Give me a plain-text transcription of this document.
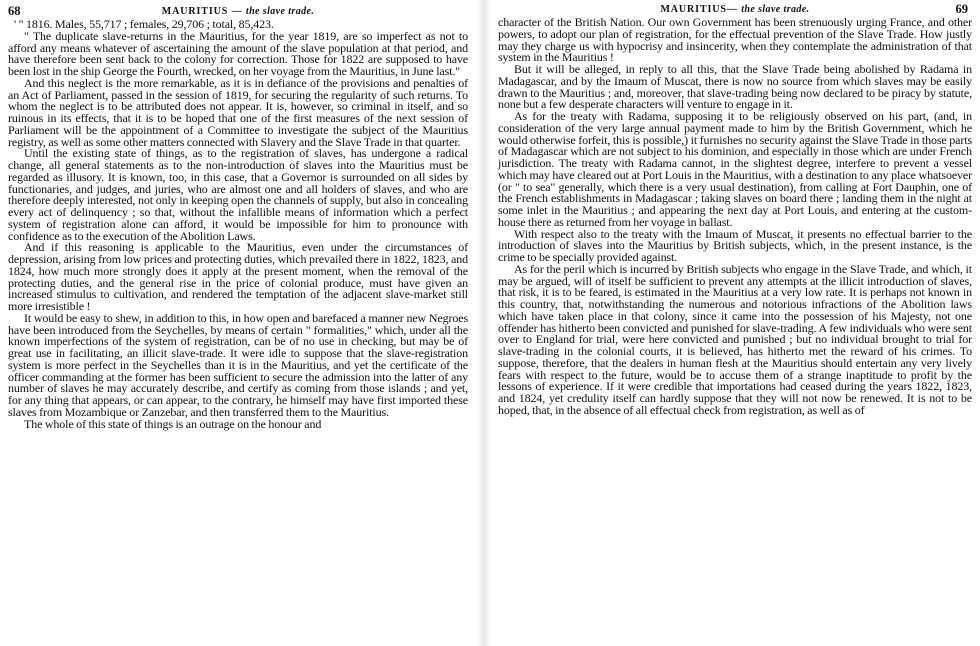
68	MAURITIUS — the slave trade.

' " 1816. Males, 55,717 ; females, 29,706 ; total, 85,423.

" The duplicate slave-returns in the Mauritius, for the year 1819, are so imperfect as not to afford any means whatever of ascertaining the amount of the slave population at that period, and have therefore been sent back to the colony for correction. Those for 1822 are supposed to have been lost in the ship George the Fourth, wrecked, on her voyage from the Mauritius, in June last."

And this neglect is the more remarkable, as it is in defiance of the provisions and penalties of an Act of Parliament, passed in the session of 1819, for securing the regularity of such returns. To whom the neglect is to be attributed does not appear. It is, however, so criminal in itself, and so ruinous in its effects, that it is to be hoped that one of the first measures of the next session of Parliament will be the appointment of a Committee to investigate the subject of the Mauritius registry, as well as some other matters connected with Slavery and the Slave Trade in that quarter.

Until the existing state of things, as to the registration of slaves, has undergone a radical change, all general statements as to the non-introduction of slaves into the Mauritius must be regarded as illusory. It is known, too, in this case, that a Governor is surrounded on all sides by functionaries, and judges, and juries, who are almost one and all holders of slaves, and who are therefore deeply interested, not only in keeping open the channels of supply, but also in concealing every act of delinquency ; so that, without the infallible means of information which a perfect system of registration alone can afford, it would be impossible for him to pronounce with confidence as to the execution of the Abolition Laws.

And if this reasoning is applicable to the Mauritius, even under the circumstances of depression, arising from low prices and protecting duties, which prevailed there in 1822, 1823, and 1824, how much more strongly does it apply at the present moment, when the removal of the protecting duties, and the general rise in the price of colonial produce, must have given an increased stimulus to cultivation, and rendered the temptation of the adjacent slave-market still more irresistible !

It would be easy to shew, in addition to this, in how open and barefaced a manner new Negroes have been introduced from the Seychelles, by means of certain " formalities," which, under all the known imperfections of the system of registration, can be of no use in checking, but may be of great use in facilitating, an illicit slave-trade. It were idle to suppose that the slave-registration system is more perfect in the Seychelles than it is in the Mauritius, and yet the certificate of the officer commanding at the former has been sufficient to secure the admission into the latter of any number of slaves he may accurately describe, and certify as coming from those islands ; and yet, for any thing that appears, or can appear, to the contrary, he himself may have first imported these slaves from Mozambique or Zanzebar, and then transferred them to the Mauritius.

The whole of this state of things is an outrage on the honour and

MAURITIUS— the slave trade.	69

character of the British Nation. Our own Government has been strenuously urging France, and other powers, to adopt our plan of registration, for the effectual prevention of the Slave Trade. How justly may they charge us with hypocrisy and insincerity, when they contemplate the administration of that system in the Mauritius !

But it will be alleged, in reply to all this, that the Slave Trade being abolished by Radama in Madagascar, and by the Imaum of Muscat, there is now no source from which slaves may be easily drawn to the Mauritius ; and, moreover, that slave-trading being now declared to be piracy by statute, none but a few desperate characters will venture to engage in it.

As for the treaty with Radama, supposing it to be religiously observed on his part, (and, in consideration of the very large annual payment made to him by the British Government, which he would otherwise forfeit, this is possible,) it furnishes no security against the Slave Trade in those parts of Madagascar which are not subject to his dominion, and especially in those which are under French jurisdiction. The treaty with Radama cannot, in the slightest degree, interfere to prevent a vessel which may have cleared out at Port Louis in the Mauritius, with a destination to any place whatsoever (or " to sea" generally, which there is a very usual destination), from calling at Fort Dauphin, one of the French establishments in Madagascar ; taking slaves on board there ; landing them in the night at some inlet in the Mauritius ; and appearing the next day at Port Louis, and entering at the custom-house there as returned from her voyage in ballast.

With respect also to the treaty with the Imaum of Muscat, it presents no effectual barrier to the introduction of slaves into the Mauritius by British subjects, which, in the present instance, is the crime to be specially provided against.

As for the peril which is incurred by British subjects who engage in the Slave Trade, and which, it may be argued, will of itself be sufficient to prevent any attempts at the illicit introduction of slaves, that risk, it is to be feared, is estimated in the Mauritius at a very low rate. It is perhaps not known in this country, that, notwithstanding the numerous and notorious infractions of the Abolition laws which have taken place in that colony, since it came into the possession of his Majesty, not one offender has hitherto been convicted and punished for slave-trading. A few individuals who were sent over to England for trial, were here convicted and punished ; but no individual brought to trial for slave-trading in the colonial courts, it is believed, has hitherto met the reward of his crimes. To suppose, therefore, that the dealers in human flesh at the Mauritius should entertain any very lively fears with respect to the future, would be to accuse them of a strange inaptitude to profit by the lessons of experience. If it were credible that importations had ceased during the years 1822, 1823, and 1824, yet credulity itself can hardly suppose that they will not now be renewed. It is not to be hoped, that, in the absence of all effectual check from registration, as well as of
